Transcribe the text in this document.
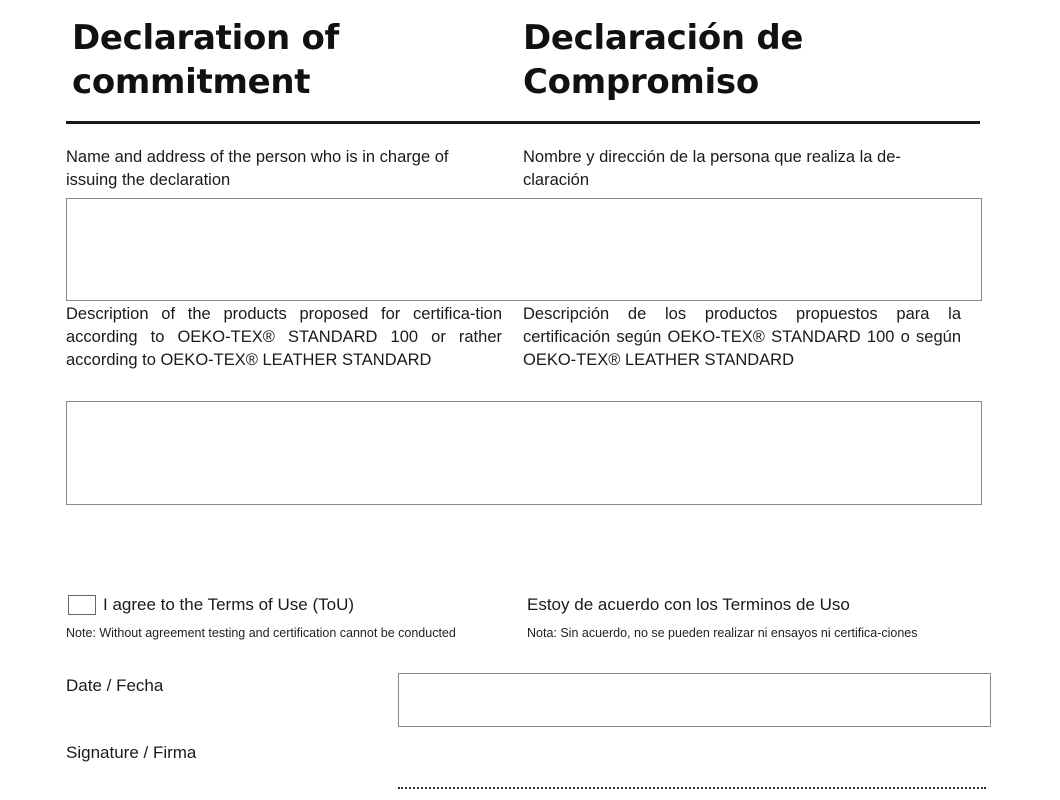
Declaration of
commitment
Declaración de
Compromiso
Name and address of the person who is in charge of issuing the declaration
Nombre y dirección de la persona que realiza la de-claración
Description of the products proposed for certifica-tion according to OEKO-TEX® STANDARD 100 or rather according to OEKO-TEX® LEATHER STANDARD
Descripción de los productos propuestos para la certificación según OEKO-TEX® STANDARD 100 o según OEKO-TEX® LEATHER STANDARD
I agree to the Terms of Use (ToU)	Estoy de acuerdo con los Terminos de Uso
Note: Without agreement testing and certification cannot be conducted	Nota: Sin acuerdo, no se pueden realizar ni ensayos ni certifica-ciones
Date / Fecha
Signature / Firma
